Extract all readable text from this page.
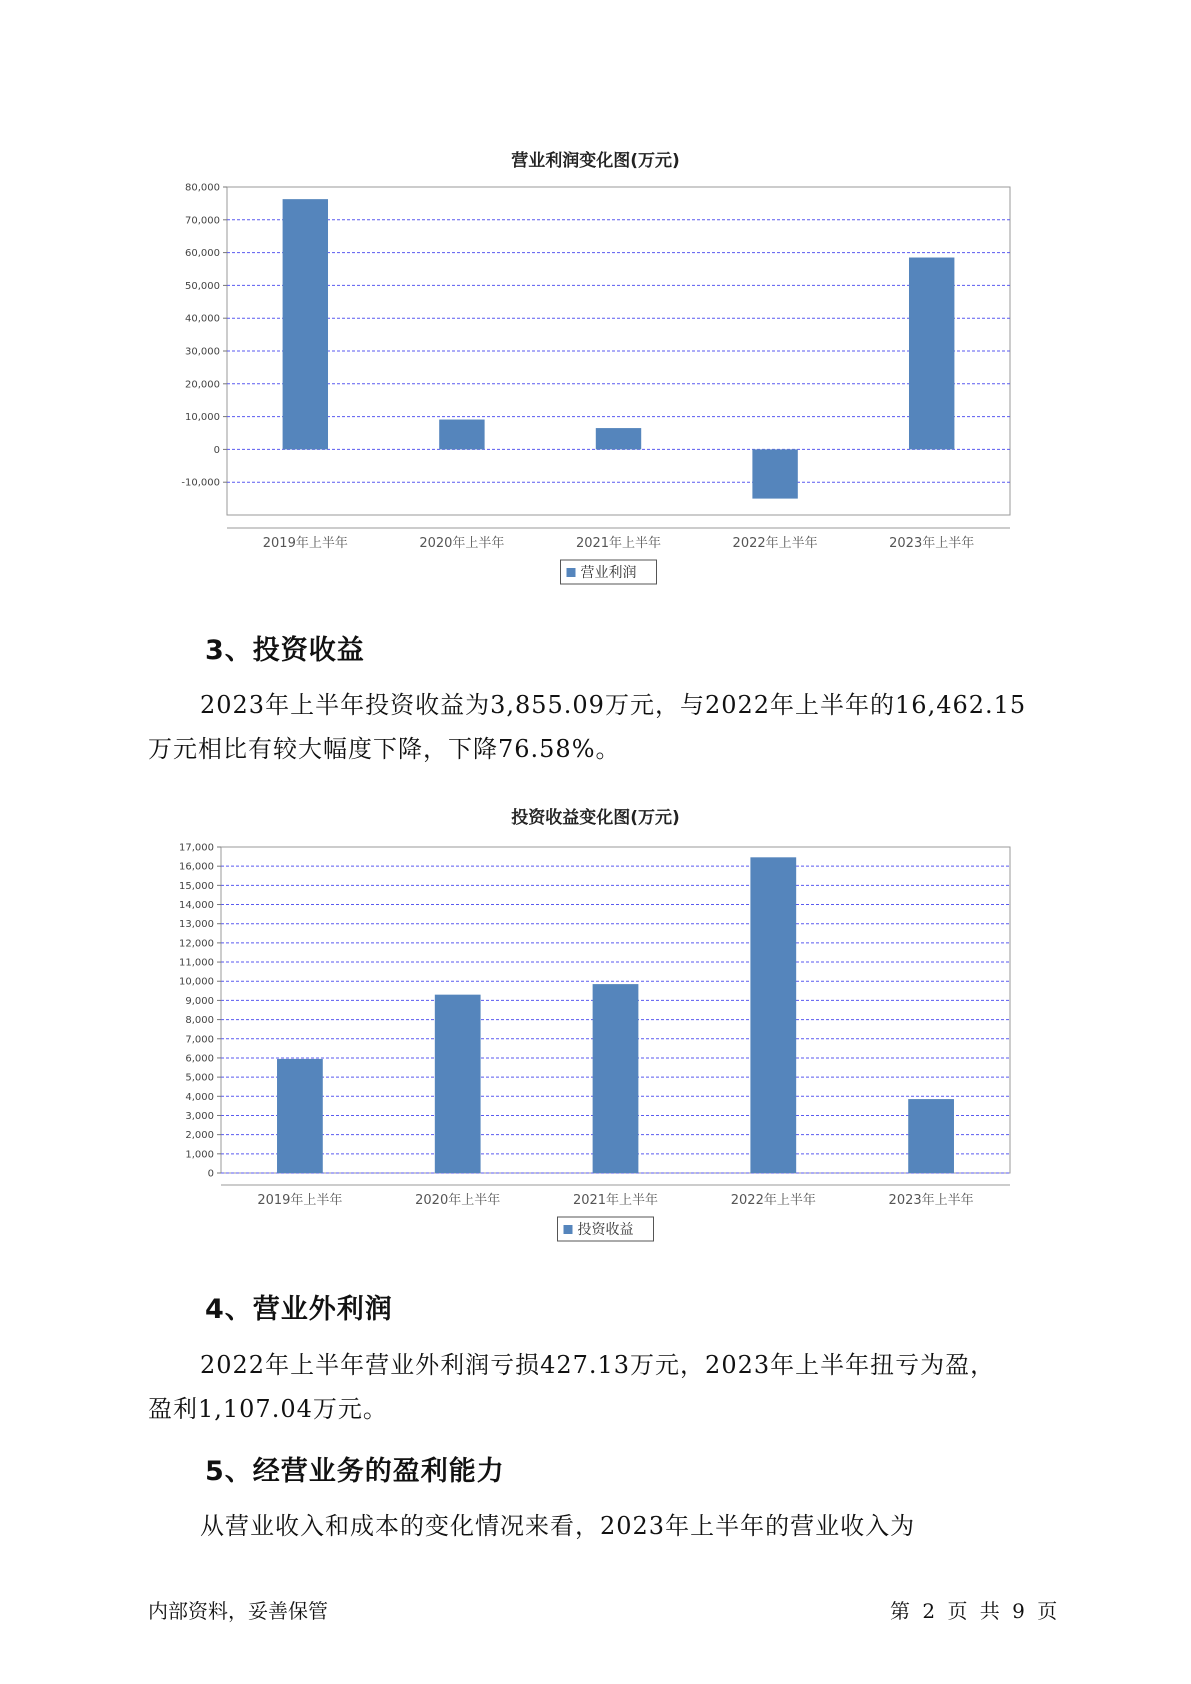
营业利润变化图(万元)
-10,000
0
10,000
20,000
30,000
40,000
50,000
60,000
70,000
80,000
2019年上半年	2020年上半年	2021年上半年	2022年上半年	2023年上半年
营业利润
3、投资收益
2023年上半年投资收益为3,855.09万元，与2022年上半年的16,462.15
万元相比有较大幅度下降，下降76.58%。
投资收益变化图(万元)
0
1,000
2,000
3,000
4,000
5,000
6,000
7,000
8,000
9,000
10,000
11,000
12,000
13,000
14,000
15,000
16,000
17,000
2019年上半年	2020年上半年	2021年上半年	2022年上半年	2023年上半年
投资收益
4、营业外利润
2022年上半年营业外利润亏损427.13万元，2023年上半年扭亏为盈，
盈利1,107.04万元。
5、经营业务的盈利能力
从营业收入和成本的变化情况来看，2023年上半年的营业收入为
内部资料，妥善保管	第 2 页 共 9 页
